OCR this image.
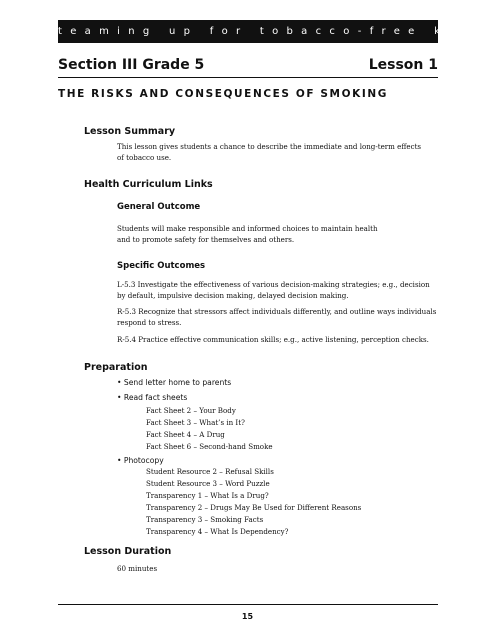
teaming up for tobacco-free kids
Section III Grade 5	Lesson 1
THE RISKS AND CONSEQUENCES OF SMOKING
Lesson Summary
This lesson gives students a chance to describe the immediate and long-term effects
of tobacco use.
Health Curriculum Links
General Outcome
Students will make responsible and informed choices to maintain health
and to promote safety for themselves and others.
Specific Outcomes
L-5.3 Investigate the effectiveness of various decision-making strategies; e.g., decision
by default, impulsive decision making, delayed decision making.
R-5.3 Recognize that stressors affect individuals differently, and outline ways individuals
respond to stress.
R-5.4 Practice effective communication skills; e.g., active listening, perception checks.
Preparation
• Send letter home to parents
• Read fact sheets
Fact Sheet 2 – Your Body
Fact Sheet 3 – What’s in It?
Fact Sheet 4 – A Drug
Fact Sheet 6 – Second-hand Smoke
• Photocopy
Student Resource 2 – Refusal Skills
Student Resource 3 – Word Puzzle
Transparency 1 – What Is a Drug?
Transparency 2 – Drugs May Be Used for Different Reasons
Transparency 3 – Smoking Facts
Transparency 4 – What Is Dependency?
Lesson Duration
60 minutes
15
